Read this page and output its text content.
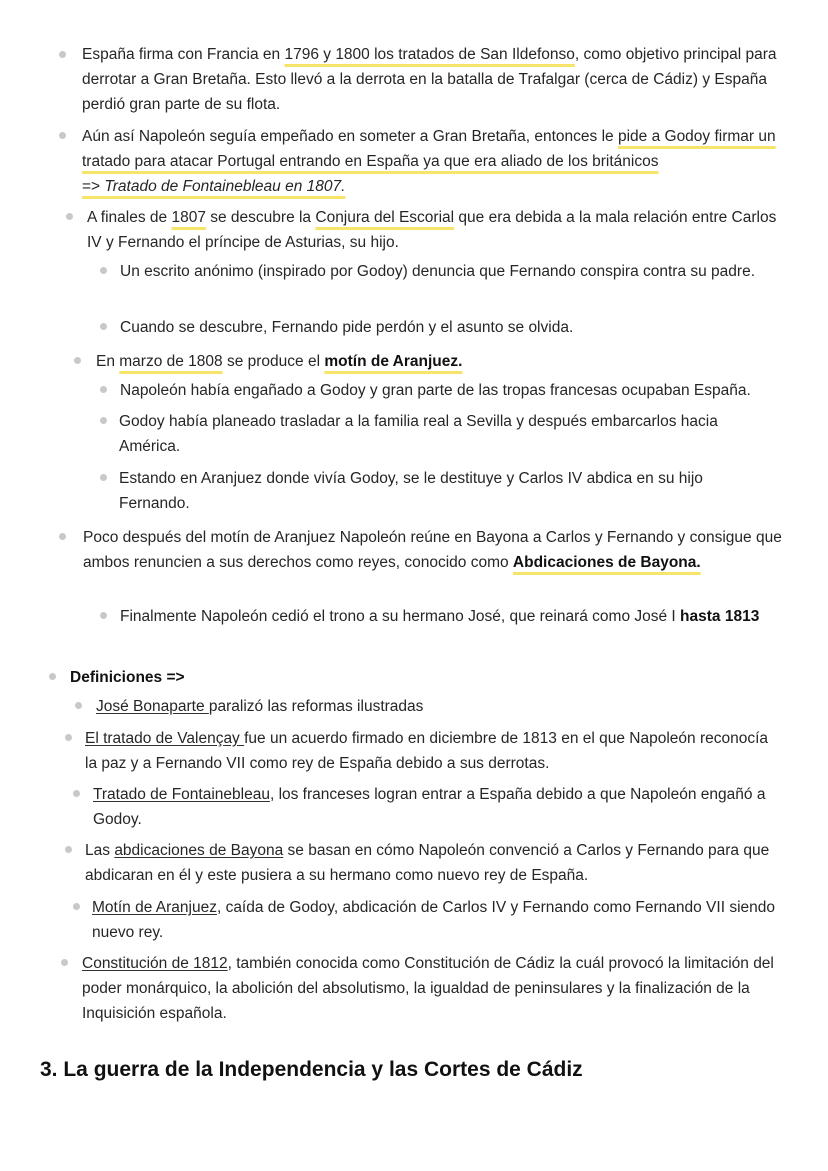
España firma con Francia en 1796 y 1800 los tratados de San Ildefonso, como objetivo principal para derrotar a Gran Bretaña. Esto llevó a la derrota en la batalla de Trafalgar (cerca de Cádiz) y España perdió gran parte de su flota.
Aún así Napoleón seguía empeñado en someter a Gran Bretaña, entonces le pide a Godoy firmar un tratado para atacar Portugal entrando en España ya que era aliado de los británicos
=> Tratado de Fontainebleau en 1807.
A finales de 1807 se descubre la Conjura del Escorial que era debida a la mala relación entre Carlos IV y Fernando el príncipe de Asturias, su hijo.
Un escrito anónimo (inspirado por Godoy) denuncia que Fernando conspira contra su padre.
Cuando se descubre, Fernando pide perdón y el asunto se olvida.
En marzo de 1808 se produce el motín de Aranjuez.
Napoleón había engañado a Godoy y gran parte de las tropas francesas ocupaban España.
Godoy había planeado trasladar a la familia real a Sevilla y después embarcarlos hacia América.
Estando en Aranjuez donde vivía Godoy, se le destituye y Carlos IV abdica en su hijo Fernando.
Poco después del motín de Aranjuez Napoleón reúne en Bayona a Carlos y Fernando y consigue que ambos renuncien a sus derechos como reyes, conocido como Abdicaciones de Bayona.
Finalmente Napoleón cedió el trono a su hermano José, que reinará como José I hasta 1813
Definiciones =>
José Bonaparte paralizó las reformas ilustradas
El tratado de Valençay fue un acuerdo firmado en diciembre de 1813 en el que Napoleón reconocía la paz y a Fernando VII como rey de España debido a sus derrotas.
Tratado de Fontainebleau, los franceses logran entrar a España debido a que Napoleón engañó a Godoy.
Las abdicaciones de Bayona se basan en cómo Napoleón convenció a Carlos y Fernando para que abdicaran en él y este pusiera a su hermano como nuevo rey de España.
Motín de Aranjuez, caída de Godoy, abdicación de Carlos IV y Fernando como Fernando VII siendo nuevo rey.
Constitución de 1812, también conocida como Constitución de Cádiz la cuál provocó la limitación del poder monárquico, la abolición del absolutismo, la igualdad de peninsulares y la finalización de la Inquisición española.
3. La guerra de la Independencia y las Cortes de Cádiz
